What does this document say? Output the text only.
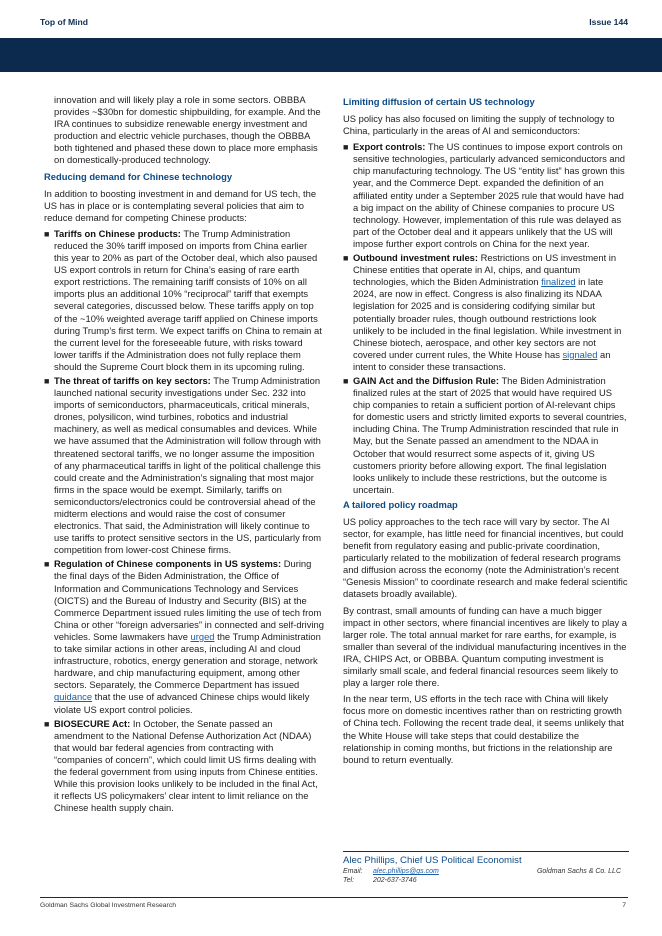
Top of Mind	Issue 144

innovation and will likely play a role in some sectors. OBBBA provides ~$30bn for domestic shipbuilding, for example. And the IRA continues to subsidize renewable energy investment and production and electric vehicle purchases, though the OBBBA both tightened and phased these down to place more emphasis on domestically-produced technology.

Reducing demand for Chinese technology

In addition to boosting investment in and demand for US tech, the US has in place or is contemplating several policies that aim to reduce demand for competing Chinese products:

■ Tariffs on Chinese products: The Trump Administration reduced the 30% tariff imposed on imports from China earlier this year to 20% as part of the October deal, which also paused US export controls in return for China’s easing of rare earth export restrictions. The remaining tariff consists of 10% on all imports plus an additional 10% “reciprocal” tariff that exempts several categories, discussed below. These tariffs apply on top of the ~10% weighted average tariff applied on Chinese imports during Trump’s first term. We expect tariffs on China to remain at the current level for the foreseeable future, with risks toward lower tariffs if the Administration does not fully replace them should the Supreme Court block them in its upcoming ruling.
■ The threat of tariffs on key sectors: The Trump Administration launched national security investigations under Sec. 232 into imports of semiconductors, pharmaceuticals, critical minerals, drones, polysilicon, wind turbines, robotics and industrial machinery, as well as medical consumables and devices. While we have assumed that the Administration will follow through with threatened sectoral tariffs, we no longer assume the imposition of any pharmaceutical tariffs in light of the political challenge this could create and the Administration’s signaling that most major firms in the space would be exempt. Similarly, tariffs on semiconductors/electronics could be controversial ahead of the midterm elections and would raise the cost of consumer electronics. That said, the Administration will likely continue to use tariffs to protect sensitive sectors in the US, particularly from competition from lower-cost Chinese firms.
■ Regulation of Chinese components in US systems: During the final days of the Biden Administration, the Office of Information and Communications Technology and Services (OICTS) and the Bureau of Industry and Security (BIS) at the Commerce Department issued rules limiting the use of tech from China or other “foreign adversaries” in connected and self-driving vehicles. Some lawmakers have urged the Trump Administration to take similar actions in other areas, including AI and cloud infrastructure, robotics, energy generation and storage, network hardware, and chip manufacturing equipment, among other sectors. Separately, the Commerce Department has issued guidance that the use of advanced Chinese chips would likely violate US export control policies.
■ BIOSECURE Act: In October, the Senate passed an amendment to the National Defense Authorization Act (NDAA) that would bar federal agencies from contracting with “companies of concern”, which could limit US firms dealing with the federal government from using inputs from Chinese entities. While this provision looks unlikely to be included in the final Act, it reflects US policymakers’ clear intent to limit reliance on the Chinese health supply chain.
Limiting diffusion of certain US technology

US policy has also focused on limiting the supply of technology to China, particularly in the areas of AI and semiconductors:

■ Export controls: The US continues to impose export controls on sensitive technologies, particularly advanced semiconductors and chip manufacturing technology. The US “entity list” has grown this year, and the Commerce Dept. expanded the definition of an affiliated entity under a September 2025 rule that would have had a big impact on the ability of Chinese companies to procure US technology. However, implementation of this rule was delayed as part of the October deal and it appears unlikely that the US will impose further export controls on China for the next year.
■ Outbound investment rules: Restrictions on US investment in Chinese entities that operate in AI, chips, and quantum technologies, which the Biden Administration finalized in late 2024, are now in effect. Congress is also finalizing its NDAA legislation for 2025 and is considering codifying similar but potentially broader rules, though outbound restrictions look unlikely to be included in the final legislation. While investment in Chinese biotech, aerospace, and other key sectors are not covered under current rules, the White House has signaled an intent to consider these transactions.
■ GAIN Act and the Diffusion Rule: The Biden Administration finalized rules at the start of 2025 that would have required US chip companies to retain a sufficient portion of AI-relevant chips for domestic users and strictly limited exports to several countries, including China. The Trump Administration rescinded that rule in May, but the Senate passed an amendment to the NDAA in October that would resurrect some aspects of it, giving US customers priority before allowing export. The final legislation looks unlikely to include these restrictions, but the outcome is uncertain.
A tailored policy roadmap

US policy approaches to the tech race will vary by sector. The AI sector, for example, has little need for financial incentives, but could benefit from regulatory easing and public-private coordination, particularly related to the mobilization of federal research programs and diffusion across the economy (note the Administration’s recent “Genesis Mission” to coordinate research and make federal scientific datasets broadly available).

By contrast, small amounts of funding can have a much bigger impact in other sectors, where financial incentives are likely to play a larger role. The total annual market for rare earths, for example, is smaller than several of the individual manufacturing incentives in the IRA, CHIPS Act, or OBBBA. Quantum computing investment is similarly small scale, and federal financial resources seem likely to play a larger role there.

In the near term, US efforts in the tech race with China will likely focus more on domestic incentives rather than on restricting growth of China tech. Following the recent trade deal, it seems unlikely that the White House will take steps that could destabilize the relationship in coming months, but frictions in the relationship are bound to return eventually.

Alec Phillips, Chief US Political Economist
Email: alec.phillips@gs.com	Goldman Sachs & Co. LLC
Tel:	202-637-3746
Goldman Sachs Global Investment Research	7
